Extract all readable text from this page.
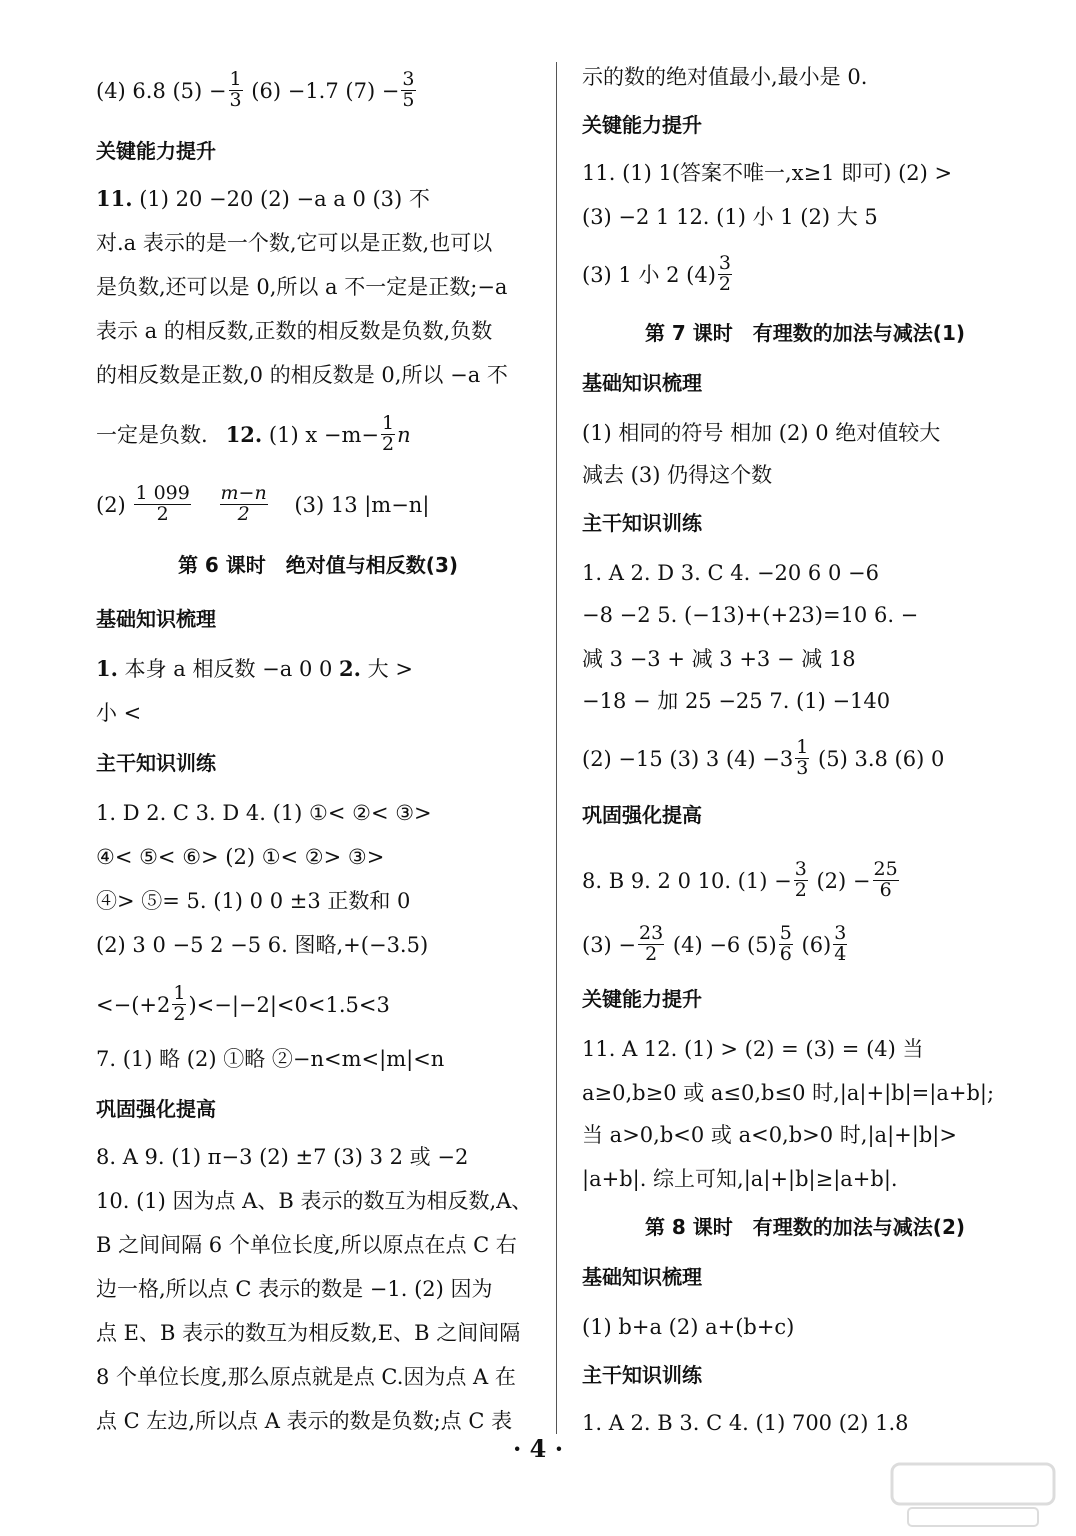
(4) 6.8 $(5) - \frac{1}{3} (6) -1.7$ $(7) - \frac{3}{5}$
关键能力提升
11. (1) 20 −20 (2) −a a 0 (3) 不
对.a 表示的是一个数,它可以是正数,也可以
是负数,还可以是 0,所以 a 不一定是正数;−a
表示 a 的相反数,正数的相反数是负数,负数
的相反数是正数,0 的相反数是 0,所以 −a 不
一定是负数. 12. (1) $x -m- \frac{1}{2}$ n
$(2) \frac{1 099}{2}$
$\frac{m-n}{2} (3)$ 13 |m−n|
第 6 课时　绝对值与相反数(3)
基础知识梳理
1. 本身 a 相反数 −a 0 0 2. 大 >
小 <
主干知识训练
1. D 2. C 3. D 4. (1) ①< ②< ③>
④< ⑤< ⑥> (2) ①< ②> ③>
④> ⑤= 5. (1) 0 0 ±3 正数和 0
(2) 3 0 −5 2 −5 6. 图略,+(−3.5)
$<-(+2 \frac{1}{2} )<-|-2|<0<1.5<3$
7. (1) 略 (2) ①略 ②−n<m<|m|<n
巩固强化提高
8. A 9. (1) π−3 (2) ±7 (3) 3 2 或 −2
10. (1) 因为点 A、B 表示的数互为相反数,A、
B 之间间隔 6 个单位长度,所以原点在点 C 右
边一格,所以点 C 表示的数是 −1. (2) 因为
点 E、B 表示的数互为相反数,E、B 之间间隔
8 个单位长度,那么原点就是点 C.因为点 A 在
点 C 左边,所以点 A 表示的数是负数;点 C 表
示的数的绝对值最小,最小是 0.
关键能力提升
11. (1) 1(答案不唯一,x≥1 即可) (2) >
(3) −2 1 12. (1) 小 1 (2) 大 5
(3) 1 小 2 $(4) \frac{3}{2}$
第 7 课时　有理数的加法与减法(1)
基础知识梳理
(1) 相同的符号 相加 (2) 0 绝对值较大
减去 (3) 仍得这个数
主干知识训练
1. A 2. D 3. C 4. −20 6 0 −6
−8 −2 5. (−13)+(+23)=10 6. −
减 3 −3 + 减 3 +3 − 减 18
−18 − 加 25 −25 7. (1) −140
(2) −15 (3) 3 $(4) -3 \frac{1}{3} (5)$ 3.8 (6) 0
巩固强化提高
8. B 9. 2 0 10. $(1) - \frac{3}{2} (2) - \frac{25}{6}$
$(3) - \frac{23}{2} (4) -6$ $(5) \frac{5}{6} (6) \frac{3}{4}$
关键能力提升
11. A 12. (1) > (2) = (3) = (4) 当
a≥0,b≥0 或 a≤0,b≤0 时,|a|+|b|=|a+b|;
当 a>0,b<0 或 a<0,b>0 时,|a|+|b|>
|a+b|. 综上可知,|a|+|b|≥|a+b|.
第 8 课时　有理数的加法与减法(2)
基础知识梳理
(1) b+a (2) a+(b+c)
主干知识训练
1. A 2. B 3. C 4. (1) 700 (2) 1.8
· 4 ·
